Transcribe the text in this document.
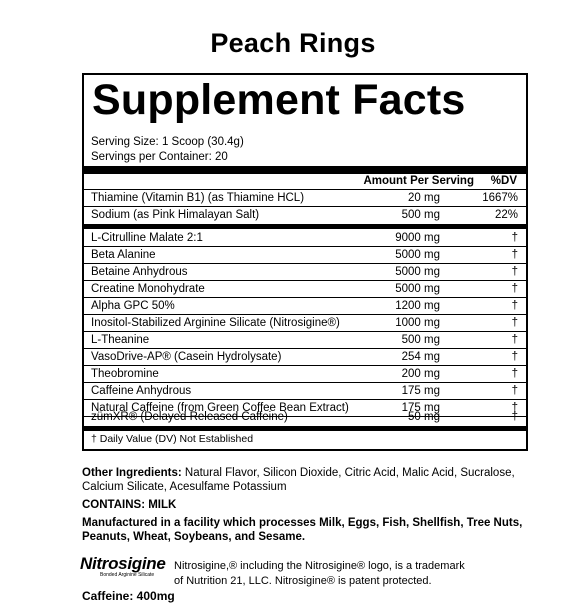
Peach Rings
Supplement Facts
Serving Size: 1 Scoop (30.4g)
Servings per Container: 20
Amount Per Serving %DV
Thiamine (Vitamin B1) (as Thiamine HCL)	20 mg	1667%
Sodium (as Pink Himalayan Salt)	500 mg	22%
L-Citrulline Malate 2:1	9000 mg	†
Beta Alanine	5000 mg	†
Betaine Anhydrous	5000 mg	†
Creatine Monohydrate	5000 mg	†
Alpha GPC 50%	1200 mg	†
Inositol-Stabilized Arginine Silicate (Nitrosigine®)	1000 mg	†
L-Theanine	500 mg	†
VasoDrive-AP® (Casein Hydrolysate)	254 mg	†
Theobromine	200 mg	†
Caffeine Anhydrous	175 mg	†
Natural Caffeine (from Green Coffee Bean Extract)	175 mg	†
zümXR® (Delayed Released Caffeine)	50 mg	†
† Daily Value (DV) Not Established
Other Ingredients: Natural Flavor, Silicon Dioxide, Citric Acid, Malic Acid, Sucralose, Calcium Silicate, Acesulfame Potassium
CONTAINS: MILK
Manufactured in a facility which processes Milk, Eggs, Fish, Shellfish, Tree Nuts, Peanuts, Wheat, Soybeans, and Sesame.
Nitrosigine
Bonded Arginine Silicate
Nitrosigine,® including the Nitrosigine® logo, is a trademark
of Nutrition 21, LLC. Nitrosigine® is patent protected.
Caffeine: 400mg
